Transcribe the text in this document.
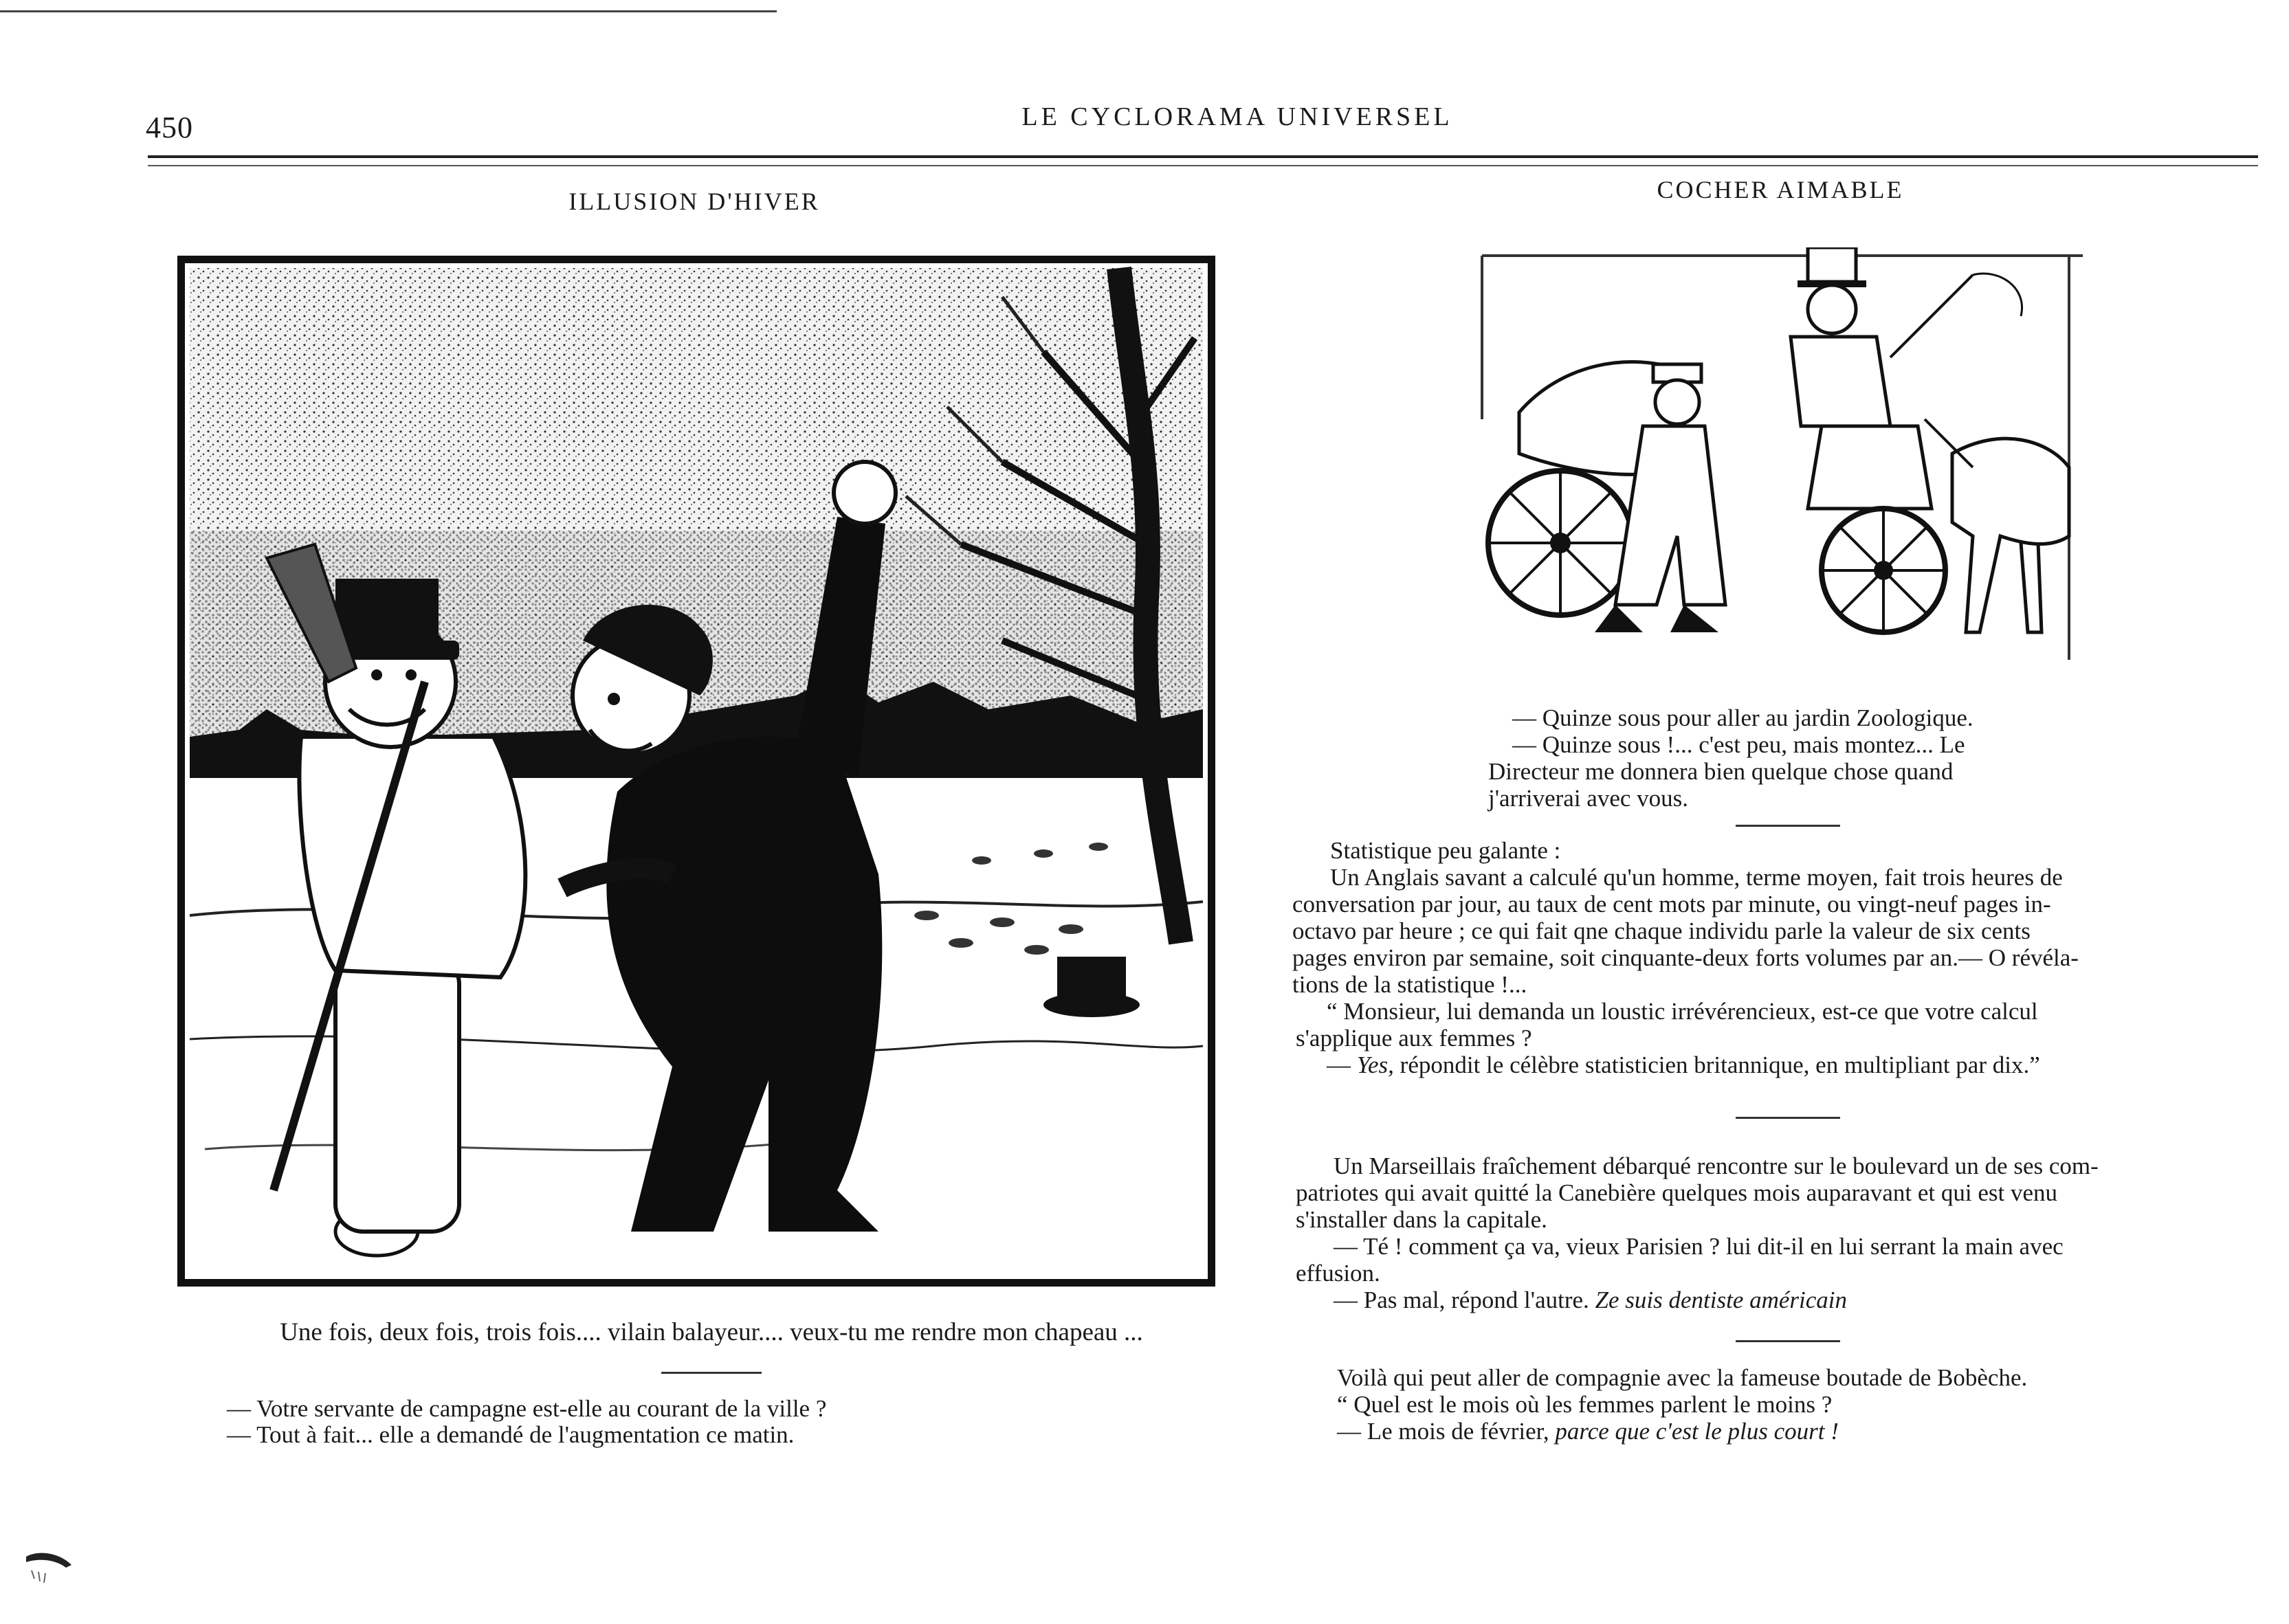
450	LE CYCLORAMA UNIVERSEL
ILLUSION D'HIVER
Une fois, deux fois, trois fois.... vilain balayeur.... veux-tu me rendre mon chapeau ...
— Votre servante de campagne est-elle au courant de la ville ?
— Tout à fait... elle a demandé de l'augmentation ce matin.
COCHER AIMABLE
— Quinze sous pour aller au jardin Zoologique.
— Quinze sous !... c'est peu, mais montez... Le
Directeur me donnera bien quelque chose quand
j'arriverai avec vous.
Statistique peu galante :
Un Anglais savant a calculé qu'un homme, terme moyen, fait trois heures de
conversation par jour, au taux de cent mots par minute, ou vingt-neuf pages in-
octavo par heure ; ce qui fait qne chaque individu parle la valeur de six cents
pages environ par semaine, soit cinquante-deux forts volumes par an.— O révéla-
tions de la statistique !...
“ Monsieur, lui demanda un loustic irrévérencieux, est-ce que votre calcul
s'applique aux femmes ?
— Yes, répondit le célèbre statisticien britannique, en multipliant par dix.”
Un Marseillais fraîchement débarqué rencontre sur le boulevard un de ses com-
patriotes qui avait quitté la Canebière quelques mois auparavant et qui est venu
s'installer dans la capitale.
— Té ! comment ça va, vieux Parisien ? lui dit-il en lui serrant la main avec
effusion.
— Pas mal, répond l'autre. Ze suis dentiste américain
Voilà qui peut aller de compagnie avec la fameuse boutade de Bobèche.
“ Quel est le mois où les femmes parlent le moins ?
— Le mois de février, parce que c'est le plus court !
